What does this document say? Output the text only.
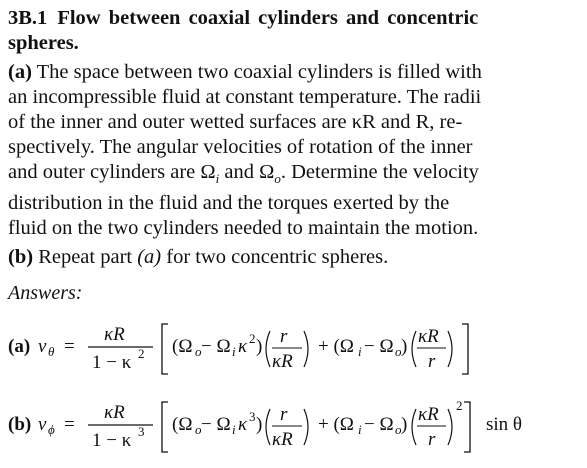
3B.1 Flow between coaxial cylinders and concentric
spheres.
(a) The space between two coaxial cylinders is filled with
an incompressible fluid at constant temperature. The radii
of the inner and outer wetted surfaces are κR and R, re-
spectively. The angular velocities of rotation of the inner
and outer cylinders are $\Omega_i$ and $\Omega_o$. Determine the velocity
distribution in the fluid and the torques exerted by the
fluid on the two cylinders needed to maintain the motion.
(b) Repeat part (a) for two concentric spheres.
Answers:
(a) v θ =
κR
1 − κ 2 (Ω o − Ω i κ 2 ) r
κR
+ (Ω i − Ω o ) κR
r
(b) v ϕ =
κR
1 − κ 3 (Ω o − Ω i κ 3 ) r
κR
+ (Ω i − Ω o ) κR
r
2
sin θ
